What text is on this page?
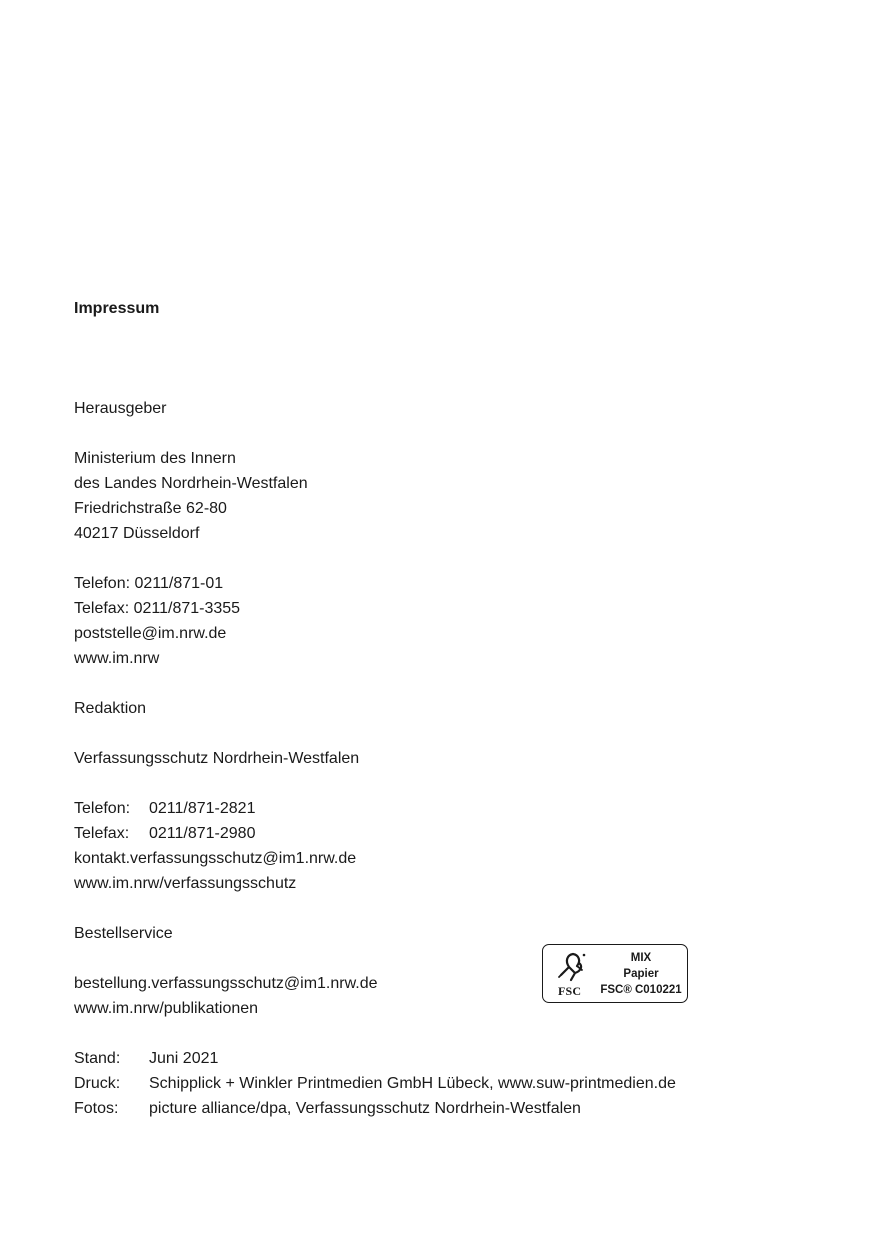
Impressum
Herausgeber
Ministerium des Innern
des Landes Nordrhein-Westfalen
Friedrichstraße 62-80
40217 Düsseldorf
Telefon: 0211/871-01
Telefax: 0211/871-3355
poststelle@im.nrw.de
www.im.nrw
Redaktion
Verfassungsschutz Nordrhein-Westfalen
Telefon:	0211/871-2821
Telefax:	0211/871-2980
kontakt.verfassungsschutz@im1.nrw.de
www.im.nrw/verfassungsschutz
Bestellservice
bestellung.verfassungsschutz@im1.nrw.de
www.im.nrw/publikationen
FSC
MIX
Papier
FSC® C010221
Stand:	Juni 2021
Druck:	Schipplick + Winkler Printmedien GmbH Lübeck, www.suw-printmedien.de
Fotos:	picture alliance/dpa, Verfassungsschutz Nordrhein-Westfalen
